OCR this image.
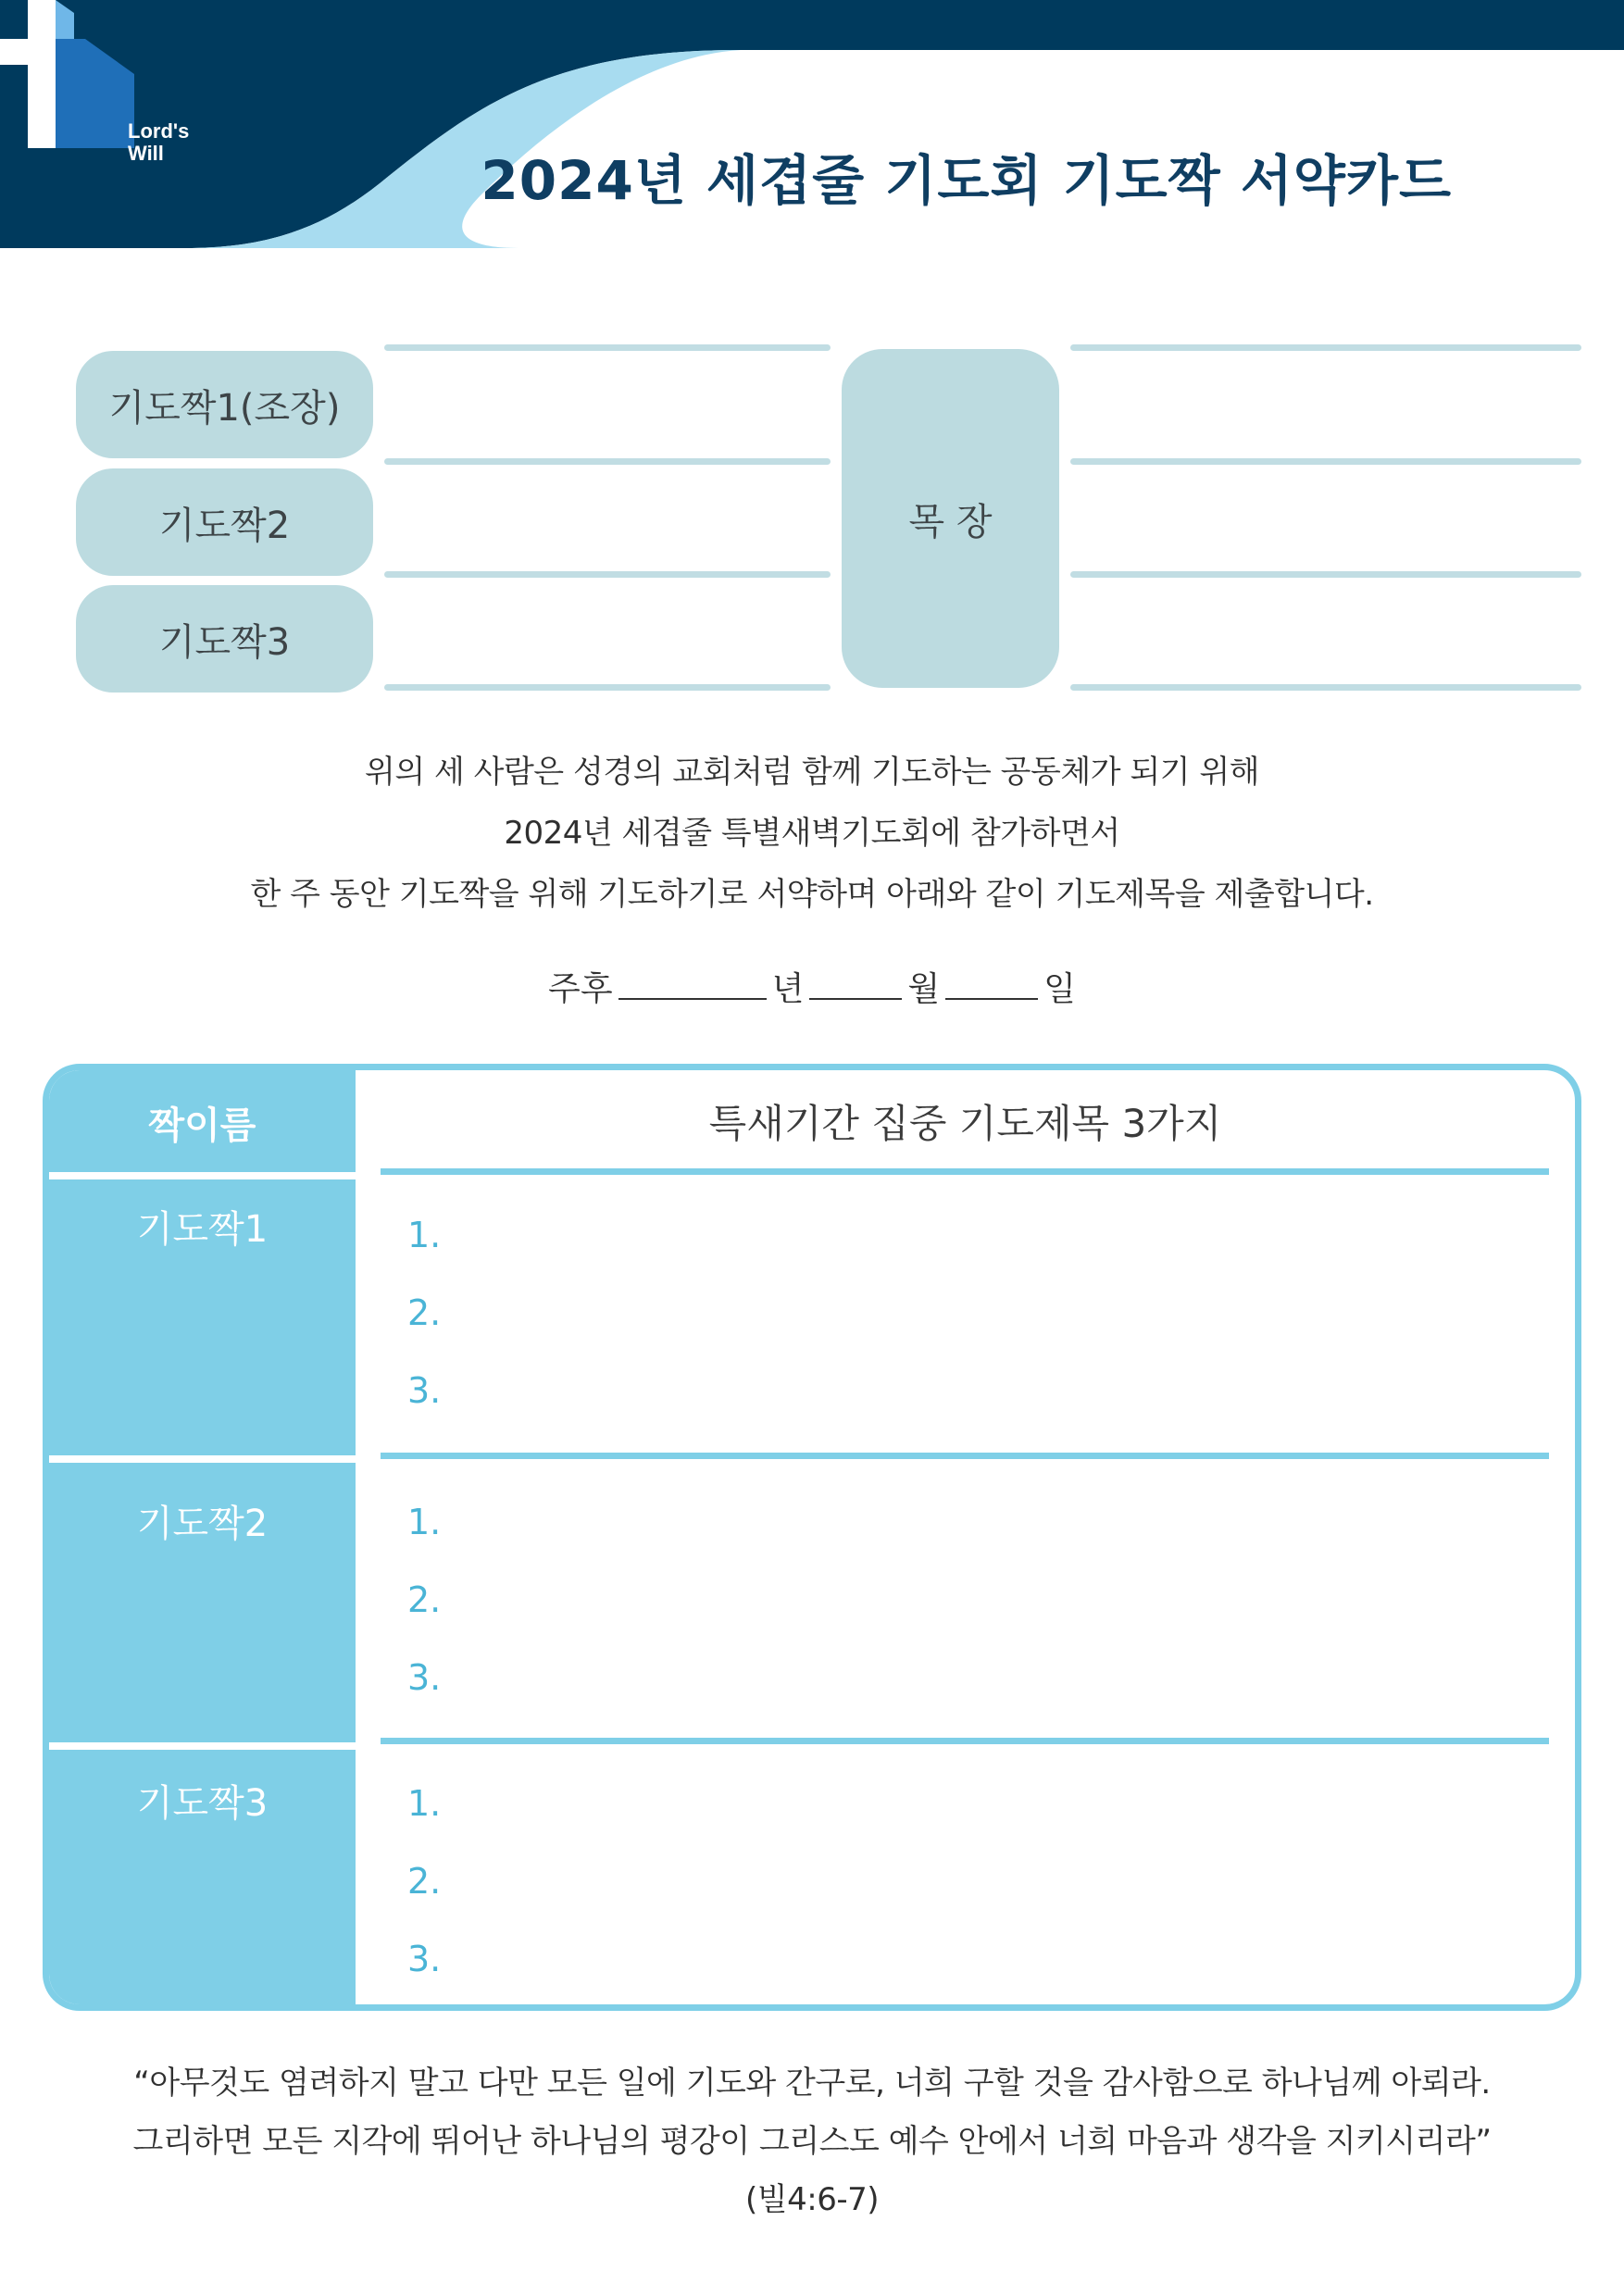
Lord's
Will	2024년 세겹줄 기도회 기도짝 서약카드
기도짝1(조장)
기도짝2
기도짝3
목 장
위의 세 사람은 성경의 교회처럼 함께 기도하는 공동체가 되기 위해
2024년 세겹줄 특별새벽기도회에 참가하면서
한 주 동안 기도짝을 위해 기도하기로 서약하며 아래와 같이 기도제목을 제출합니다.
주후	년	월	일
짝이름	특새기간 집중 기도제목 3가지
기도짝1	1.
2.
3.
기도짝2	1.
2.
3.
기도짝3	1.
2.
3.
“아무것도 염려하지 말고 다만 모든 일에 기도와 간구로, 너희 구할 것을 감사함으로 하나님께 아뢰라.
그리하면 모든 지각에 뛰어난 하나님의 평강이 그리스도 예수 안에서 너희 마음과 생각을 지키시리라”
(빌4:6-7)
